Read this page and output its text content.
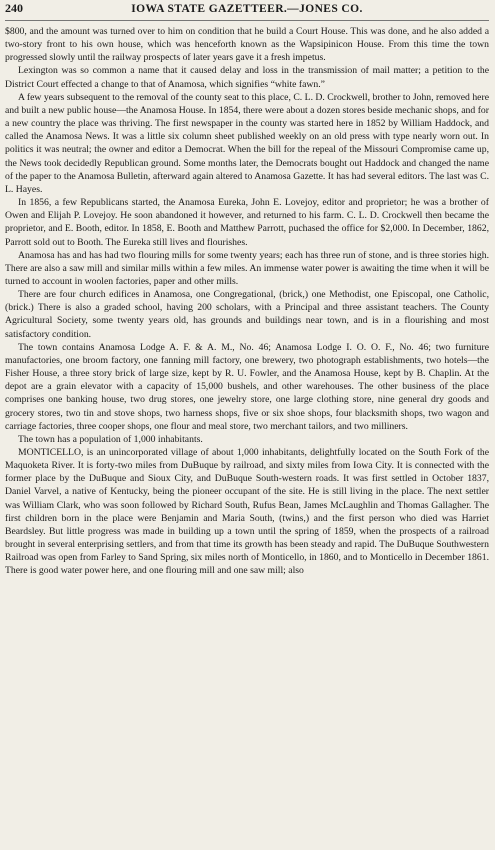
240	IOWA STATE GAZETTEER.—JONES CO.

$800, and the amount was turned over to him on condition that he build a Court House. This was done, and he also added a two-story front to his own house, which was henceforth known as the Wapsipinicon House. From this time the town progressed slowly until the railway prospects of later years gave it a fresh impetus.

Lexington was so common a name that it caused delay and loss in the transmission of mail matter; a petition to the District Court effected a change to that of Anamosa, which signifies “white fawn.”

A few years subsequent to the removal of the county seat to this place, C. L. D. Crockwell, brother to John, removed here and built a new public house—the Anamosa House. In 1854, there were about a dozen stores beside mechanic shops, and for a new country the place was thriving. The first newspaper in the county was started here in 1852 by William Haddock, and called the Anamosa News. It was a little six column sheet published weekly on an old press with type nearly worn out. In politics it was neutral; the owner and editor a Democrat. When the bill for the repeal of the Missouri Compromise came up, the News took decidedly Republican ground. Some months later, the Democrats bought out Haddock and changed the name of the paper to the Anamosa Bulletin, afterward again altered to Anamosa Gazette. It has had several editors. The last was C. L. Hayes.

In 1856, a few Republicans started, the Anamosa Eureka, John E. Lovejoy, editor and proprietor; he was a brother of Owen and Elijah P. Lovejoy. He soon abandoned it however, and returned to his farm. C. L. D. Crockwell then became the proprietor, and E. Booth, editor. In 1858, E. Booth and Matthew Parrott, puchased the office for $2,000. In December, 1862, Parrott sold out to Booth. The Eureka still lives and flourishes.

Anamosa has and has had two flouring mills for some twenty years; each has three run of stone, and is three stories high. There are also a saw mill and similar mills within a few miles. An immense water power is awaiting the time when it will be turned to account in woolen factories, paper and other mills.

There are four church edifices in Anamosa, one Congregational, (brick,) one Methodist, one Episcopal, one Catholic, (brick.) There is also a graded school, having 200 scholars, with a Principal and three assistant teachers. The County Agricultural Society, some twenty years old, has grounds and buildings near town, and is in a flourishing and most satisfactory condition.

The town contains Anamosa Lodge A. F. & A. M., No. 46; Anamosa Lodge I. O. O. F., No. 46; two furniture manufactories, one broom factory, one fanning mill factory, one brewery, two photograph establishments, two hotels—the Fisher House, a three story brick of large size, kept by R. U. Fowler, and the Anamosa House, kept by B. Chaplin. At the depot are a grain elevator with a capacity of 15,000 bushels, and other warehouses. The other business of the place comprises one banking house, two drug stores, one jewelry store, one large clothing store, nine general dry goods and grocery stores, two tin and stove shops, two harness shops, five or six shoe shops, four blacksmith shops, two wagon and carriage factories, three cooper shops, one flour and meal store, two merchant tailors, and two milliners.

The town has a population of 1,000 inhabitants.

MONTICELLO, is an unincorporated village of about 1,000 inhabitants, delightfully located on the South Fork of the Maquoketa River. It is forty-two miles from DuBuque by railroad, and sixty miles from Iowa City. It is connected with the former place by the DuBuque and Sioux City, and DuBuque South-western roads. It was first settled in October 1837, Daniel Varvel, a native of Kentucky, being the pioneer occupant of the site. He is still living in the place. The next settler was William Clark, who was soon followed by Richard South, Rufus Bean, James McLaughlin and Thomas Gallagher. The first children born in the place were Benjamin and Maria South, (twins,) and the first person who died was Harriet Beardsley. But little progress was made in building up a town until the spring of 1859, when the prospects of a railroad brought in several enterprising settlers, and from that time its growth has been steady and rapid. The DuBuque Southwestern Railroad was open from Farley to Sand Spring, six miles north of Monticello, in 1860, and to Monticello in December 1861. There is good water power here, and one flouring mill and one saw mill; also
